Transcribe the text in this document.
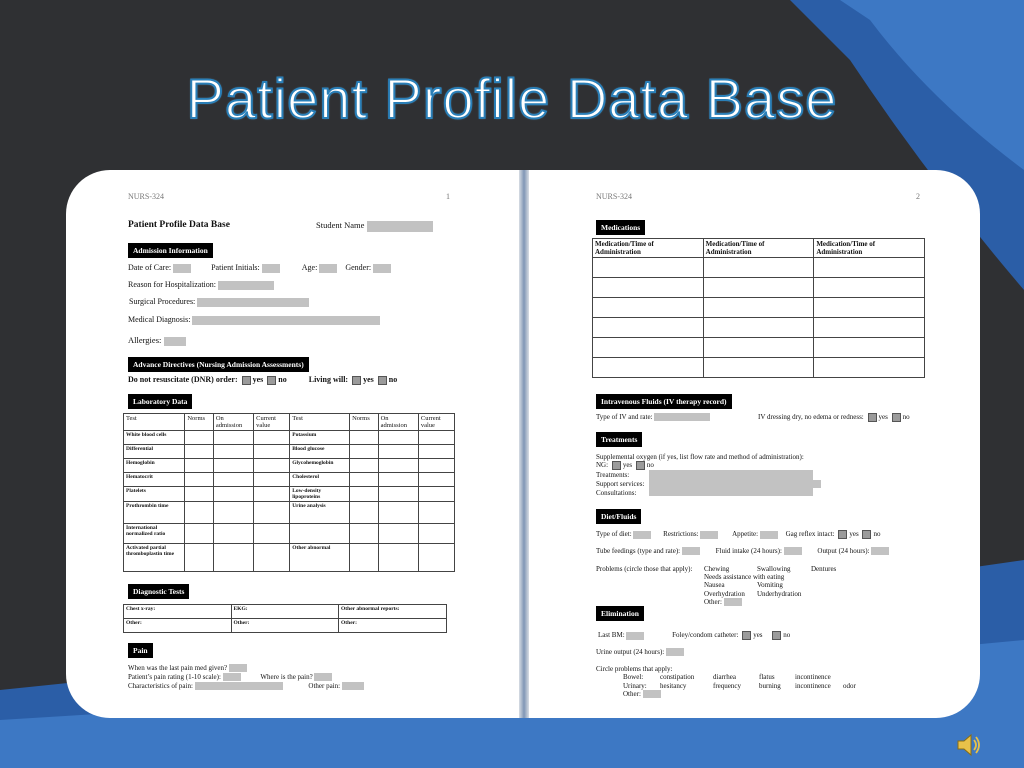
Patient Profile Data Base
NURS-324	1
Patient Profile Data Base	Student Name
Admission Information
Date of Care:	Patient Initials:	Age:	Gender:
Reason for Hospitalization:
Surgical Procedures:
Medical Diagnosis:
Allergies:
Advance Directives (Nursing Admission Assessments)
Do not resuscitate (DNR) order: yes no	Living will: yes no
Laboratory Data
Test	Norms	On admission	Current value	Test	Norms	On admission	Current value
White blood cells				Potassium			
Differential				Blood glucose			
Hemoglobin				Glycohemoglobin			
Hematocrit				Cholesterol			
Platelets				Low-density lipoproteins			
Prothrombin time				Urine analysis			
International normalized ratio							
Activated partial thromboplastin time				Other abnormal			
Diagnostic Tests
Chest x-ray:	EKG:	Other abnormal reports:
Other:	Other:	Other:
Pain
When was the last pain med given?
Patient’s pain rating (1-10 scale):	Where is the pain?
Characteristics of pain:	Other pain:
NURS-324	2
Medications
Medication/Time of Administration	Medication/Time of Administration	Medication/Time of Administration

Intravenous Fluids (IV therapy record)
Type of IV and rate:	IV dressing dry, no edema or redness: yes no
Treatments
Supplemental oxygen (if yes, list flow rate and method of administration):
NG: yes no
Treatments:
Support services:
Consultations:
Diet/Fluids
Type of diet:	Restrictions:	Appetite:	Gag reflex intact: yes no
Tube feedings (type and rate):	Fluid intake (24 hours):	Output (24 hours):
Problems (circle those that apply): Chewing	Swallowing	Dentures
Needs assistance with eating
Nausea	Vomiting
Overhydration Underhydration
Other:
Elimination
Last BM:	Foley/condom catheter: yes	no
Urine output (24 hours):
Circle problems that apply:
Bowel: constipation	diarrhea	flatus	incontinence
Urinary: hesitancy	frequency	burning incontinence odor
Other:
